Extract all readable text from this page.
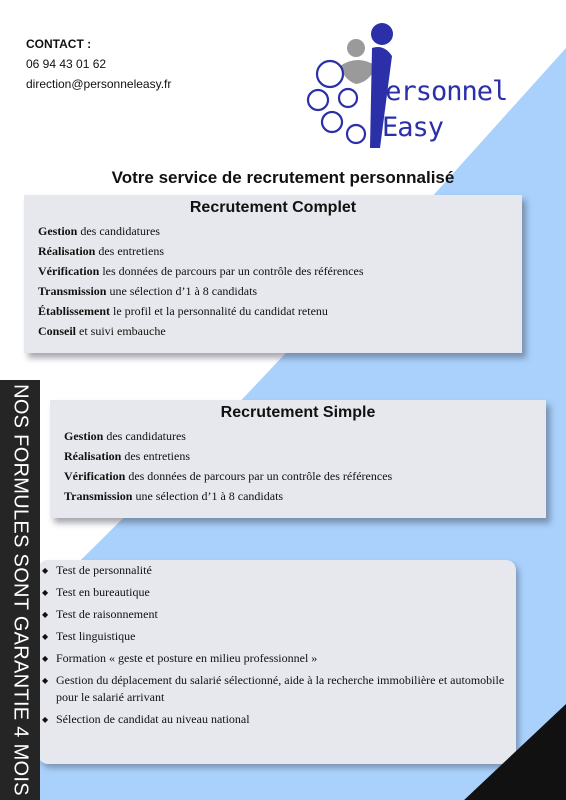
CONTACT :
06 94 43 01 62
direction@personneleasy.fr	Personnel
Easy
Votre service de recrutement personnalisé
Recrutement Complet
Gestion des candidatures
Réalisation des entretiens
Vérification les données de parcours par un contrôle des références
Transmission une sélection d’1 à 8 candidats
Établissement le profil et la personnalité du candidat retenu
Conseil et suivi embauche
Recrutement Simple
Gestion des candidatures
Réalisation des entretiens
Vérification des données de parcours par un contrôle des références
Transmission une sélection d’1 à 8 candidats
◆ Test de personnalité
◆ Test en bureautique
◆ Test de raisonnement
◆ Test linguistique
◆ Formation « geste et posture en milieu professionnel »
◆ Gestion du déplacement du salarié sélectionné, aide à la recherche immobilière et automobile pour le salarié arrivant
◆ Sélection de candidat au niveau national
NOS FORMULES SONT GARANTIE 4 MOIS
